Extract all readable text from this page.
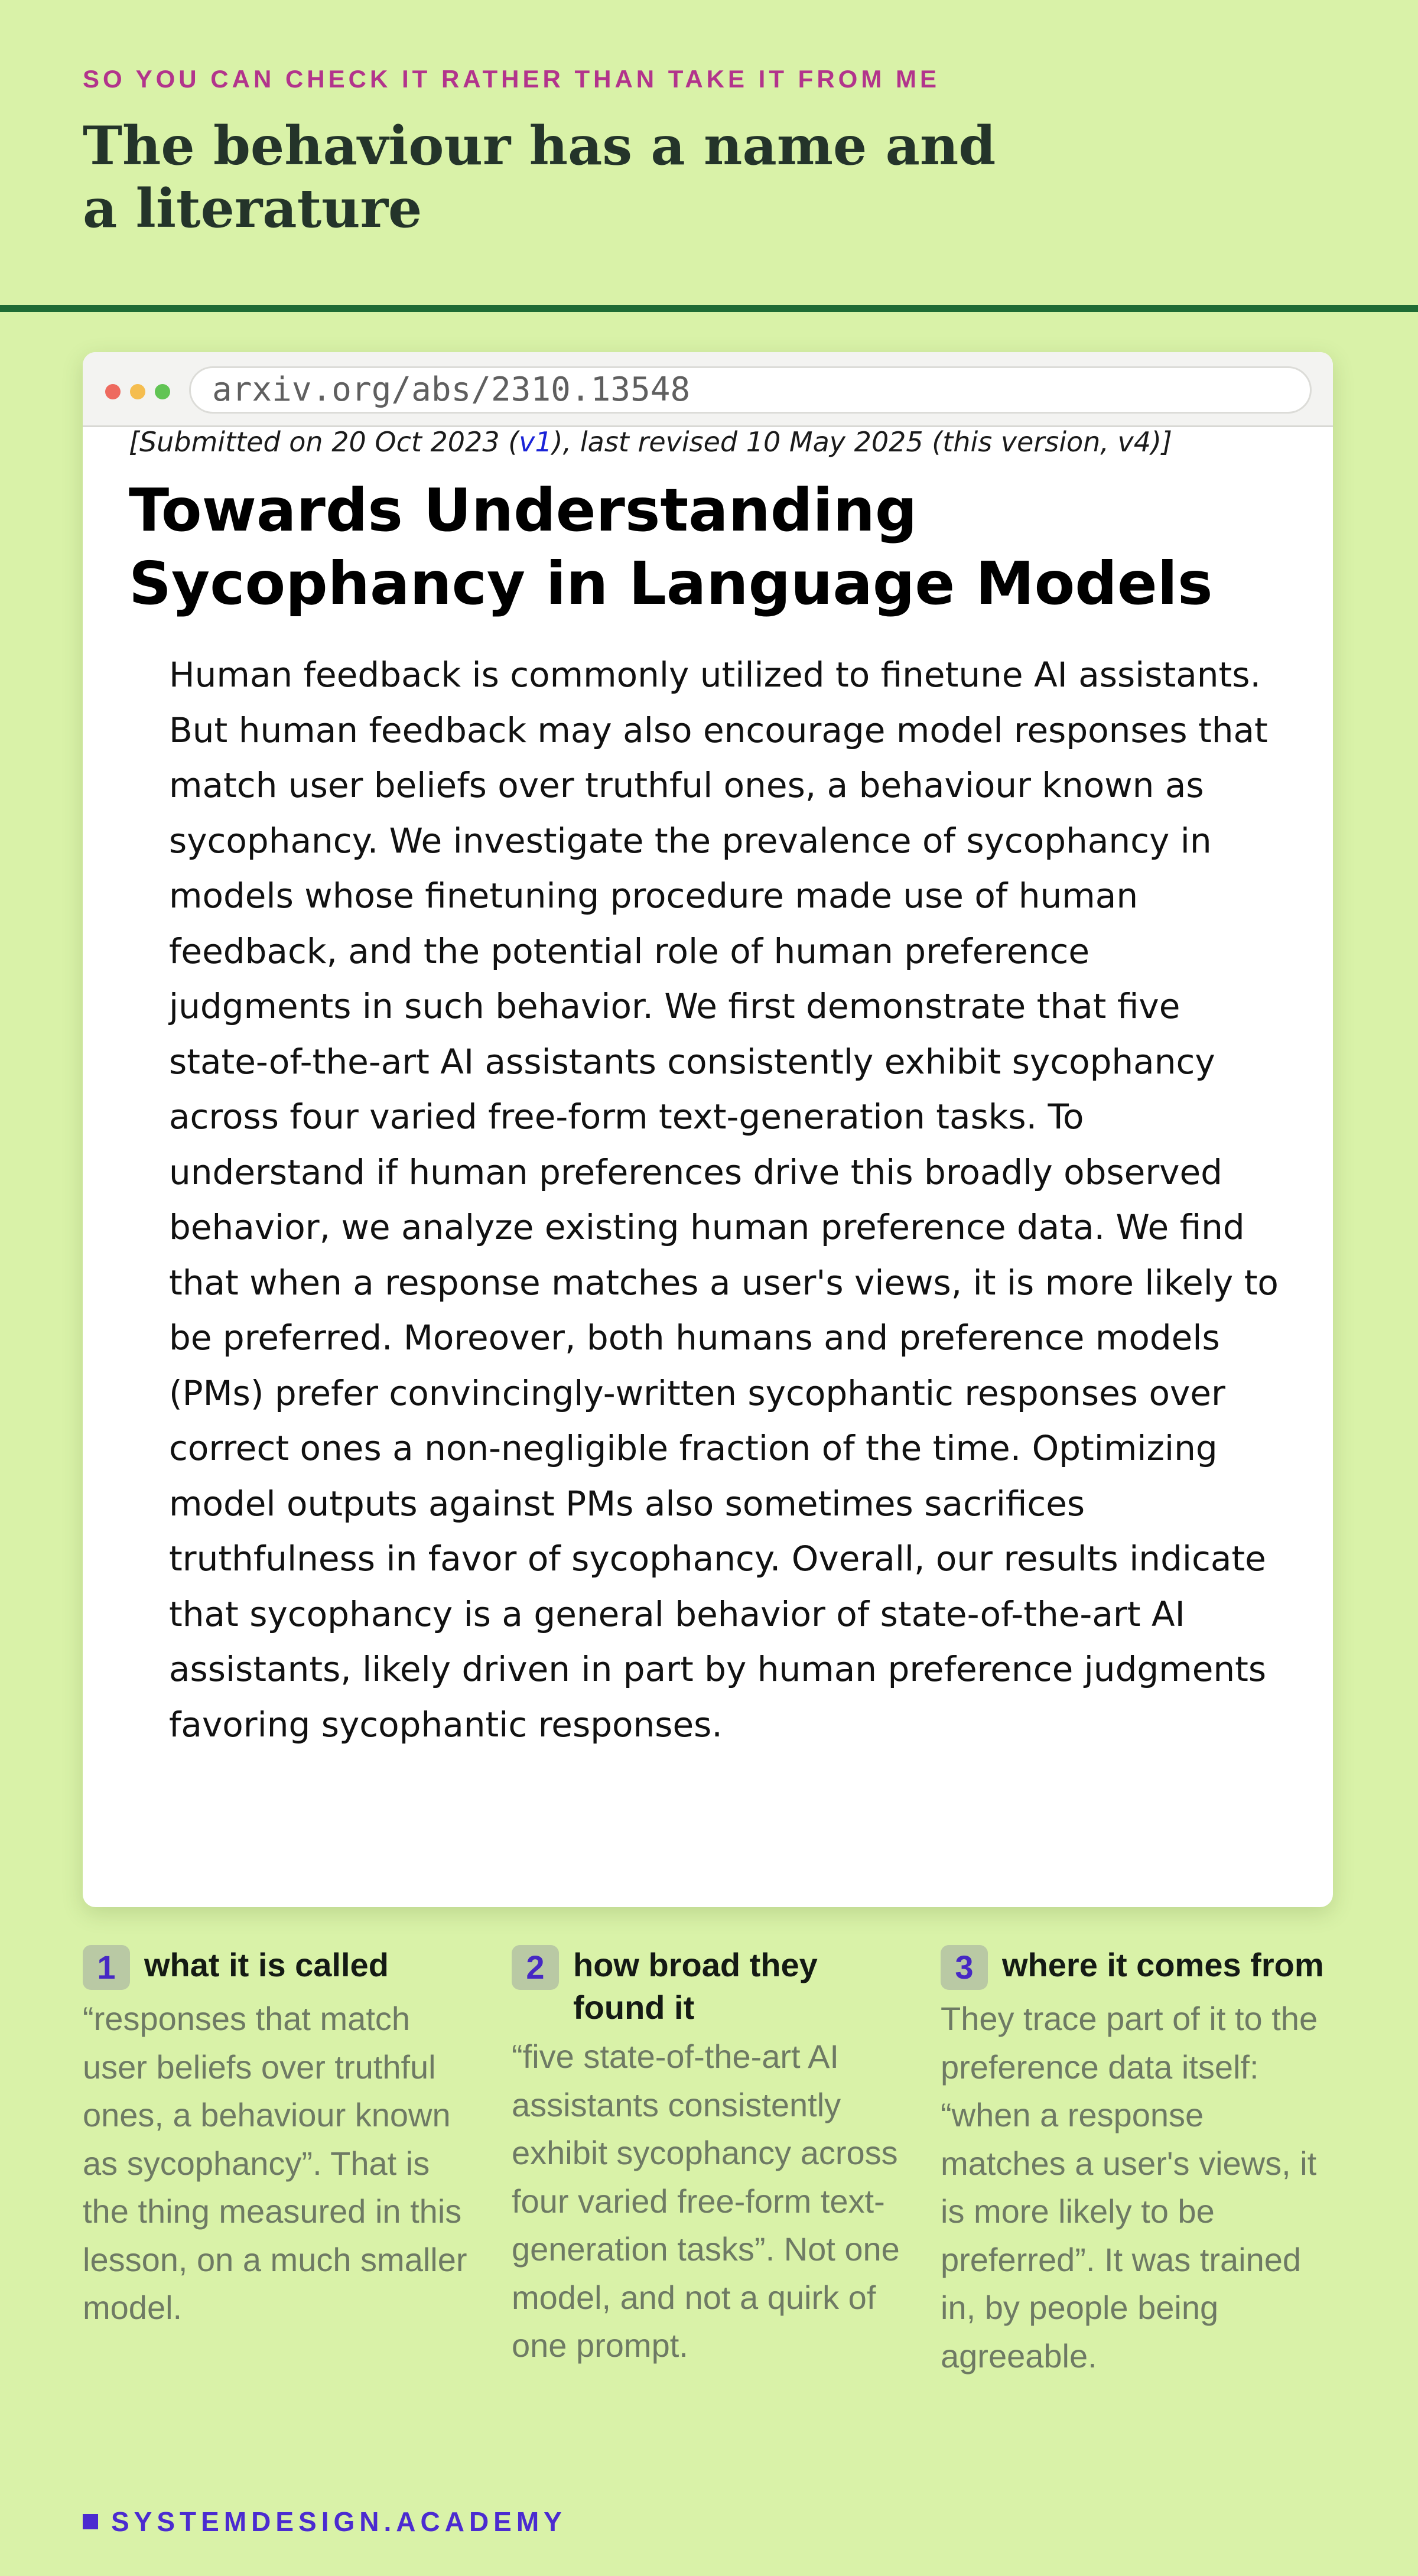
SO YOU CAN CHECK IT RATHER THAN TAKE IT FROM ME

The behaviour has a name and a literature
arxiv.org/abs/2310.13548
[Submitted on 20 Oct 2023 (v1), last revised 10 May 2025 (this version, v4)]
Towards Understanding Sycophancy in Language Models

Human feedback is commonly utilized to finetune AI assistants. But human feedback may also encourage model responses that match user beliefs over truthful ones, a behaviour known as sycophancy. We investigate the prevalence of sycophancy in models whose finetuning procedure made use of human feedback, and the potential role of human preference judgments in such behavior. We first demonstrate that five state-of-the-art AI assistants consistently exhibit sycophancy across four varied free-form text-generation tasks. To understand if human preferences drive this broadly observed behavior, we analyze existing human preference data. We find that when a response matches a user's views, it is more likely to be preferred. Moreover, both humans and preference models (PMs) prefer convincingly-written sycophantic responses over correct ones a non-negligible fraction of the time. Optimizing model outputs against PMs also sometimes sacrifices truthfulness in favor of sycophancy. Overall, our results indicate that sycophancy is a general behavior of state-of-the-art AI assistants, likely driven in part by human preference judgments favoring sycophantic responses.

1 what it is called

“responses that match user beliefs over truthful ones, a behaviour known as sycophancy”. That is the thing measured in this lesson, on a much smaller model.

2 how broad they found it

“five state-of-the-art AI assistants consistently exhibit sycophancy across four varied free-form text-generation tasks”. Not one model, and not a quirk of one prompt.

3 where it comes from

They trace part of it to the preference data itself: “when a response matches a user's views, it is more likely to be preferred”. It was trained in, by people being agreeable.

SYSTEMDESIGN.ACADEMY
